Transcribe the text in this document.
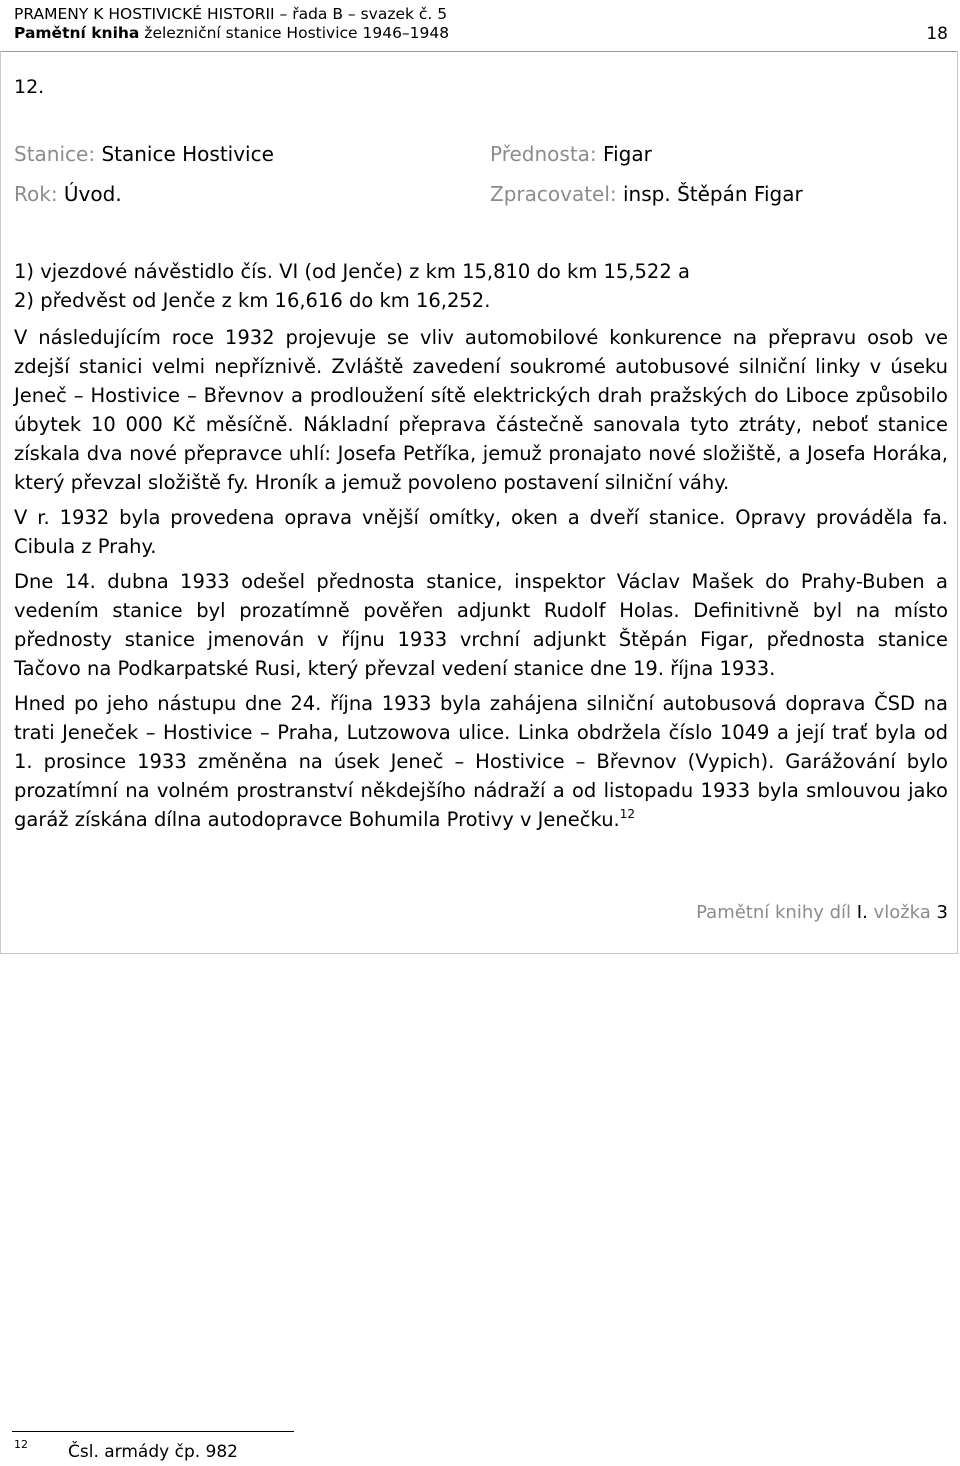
PRAMENY K HOSTIVICKÉ HISTORII – řada B – svazek č. 5
Pamětní kniha železniční stanice Hostivice 1946–1948	18
12.
Stanice: Stanice Hostivice
Rok: Úvod.
Přednosta: Figar
Zpracovatel: insp. Štěpán Figar

1) vjezdové návěstidlo čís. VI (od Jenče) z km 15,810 do km 15,522 a

2) předvěst od Jenče z km 16,616 do km 16,252.

V následujícím roce 1932 projevuje se vliv automobilové konkurence na přepravu osob ve zdejší stanici velmi nepříznivě. Zvláště zavedení soukromé autobusové silniční linky v úseku Jeneč – Hostivice – Břevnov a prodloužení sítě elektrických drah pražských do Liboce způsobilo úbytek 10 000 Kč měsíčně. Nákladní přeprava částečně sanovala tyto ztráty, neboť stanice získala dva nové přepravce uhlí: Josefa Petříka, jemuž pronajato nové složiště, a Josefa Horáka, který převzal složiště fy. Hroník a jemuž povoleno postavení silniční váhy.

V r. 1932 byla provedena oprava vnější omítky, oken a dveří stanice. Opravy prováděla fa. Cibula z Prahy.

Dne 14. dubna 1933 odešel přednosta stanice, inspektor Václav Mašek do Prahy-Buben a vedením stanice byl prozatímně pověřen adjunkt Rudolf Holas. Definitivně byl na místo přednosty stanice jmenován v říjnu 1933 vrchní adjunkt Štěpán Figar, přednosta stanice Tačovo na Podkarpatské Rusi, který převzal vedení stanice dne 19. října 1933.

Hned po jeho nástupu dne 24. října 1933 byla zahájena silniční autobusová doprava ČSD na trati Jeneček – Hostivice – Praha, Lutzowova ulice. Linka obdržela číslo 1049 a její trať byla od 1. prosince 1933 změněna na úsek Jeneč – Hostivice – Břevnov (Vypich). Garážování bylo prozatímní na volném prostranství někdejšího nádraží a od listopadu 1933 byla smlouvou jako garáž získána dílna autodopravce Bohumila Protivy v Jenečku.$^{12}$

Pamětní knihy díl I. vložka 3
12 Čsl. armády čp. 982
